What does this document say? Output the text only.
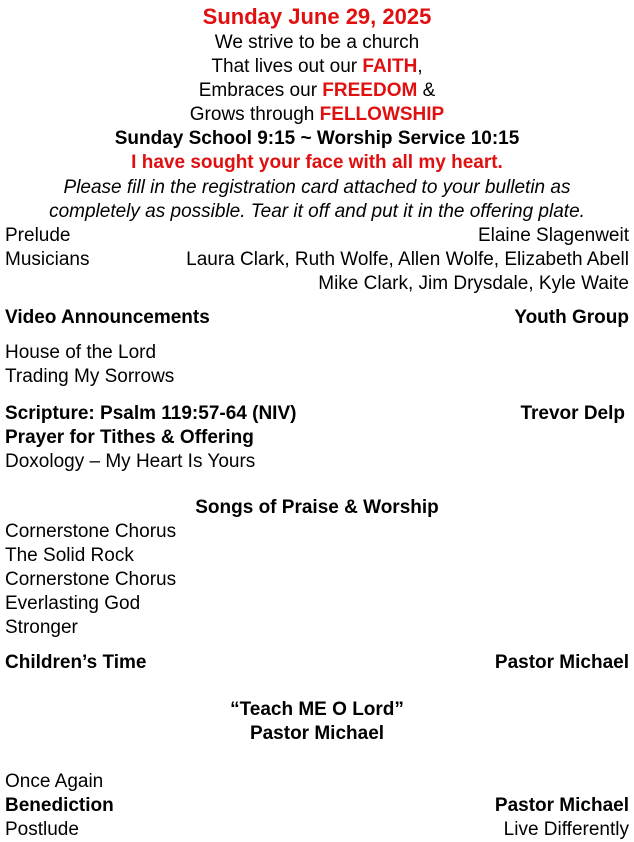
Sunday June 29, 2025
We strive to be a church
That lives out our FAITH,
Embraces our FREEDOM &
Grows through FELLOWSHIP
Sunday School 9:15 ~ Worship Service 10:15
I have sought your face with all my heart.
Please fill in the registration card attached to your bulletin as
completely as possible. Tear it off and put it in the offering plate.
Prelude	Elaine Slagenweit
Musicians	Laura Clark, Ruth Wolfe, Allen Wolfe, Elizabeth Abell
Mike Clark, Jim Drysdale, Kyle Waite
Video Announcements	Youth Group
House of the Lord
Trading My Sorrows
Scripture: Psalm 119:57-64 (NIV)	Trevor Delp
Prayer for Tithes & Offering
Doxology – My Heart Is Yours
Songs of Praise & Worship
Cornerstone Chorus
The Solid Rock
Cornerstone Chorus
Everlasting God
Stronger
Children’s Time	Pastor Michael
“Teach ME O Lord”
Pastor Michael
Once Again
Benediction	Pastor Michael
Postlude	Live Differently
